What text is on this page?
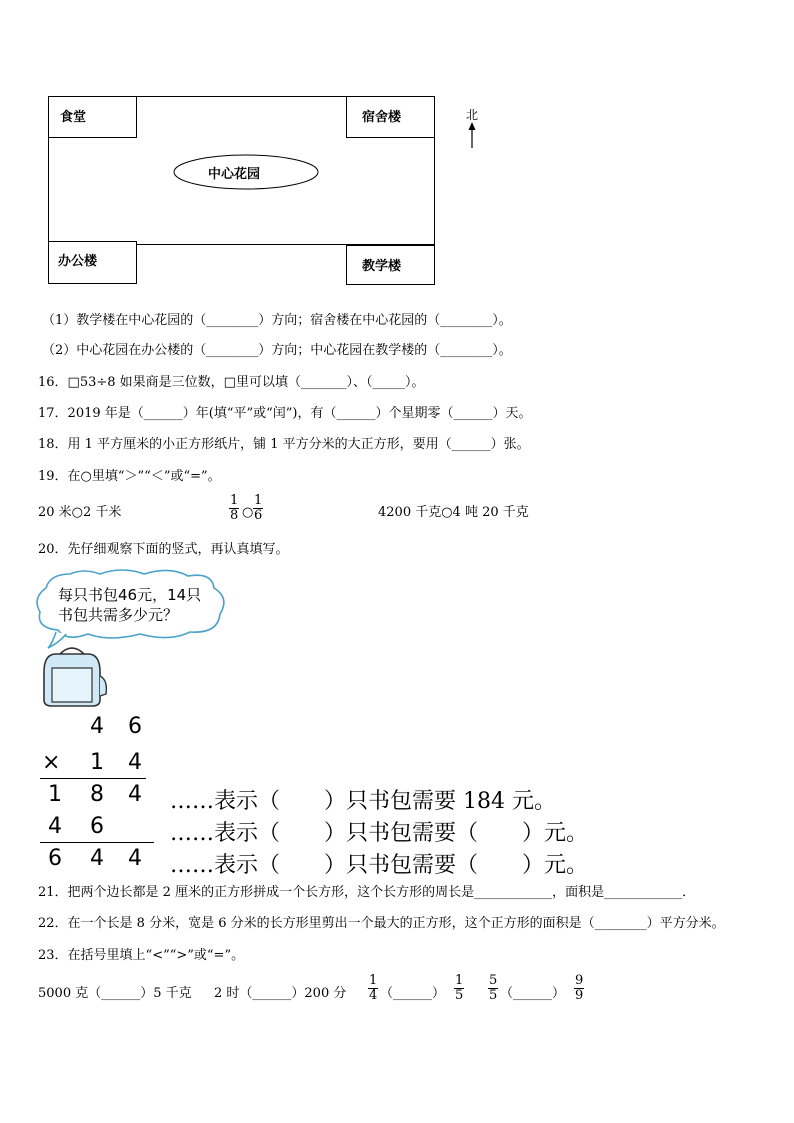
食堂	宿舍楼
中心花园
办公楼	教学楼
北
（1）教学楼在中心花园的（________）方向；宿舍楼在中心花园的（________）。
（2）中心花园在办公楼的（________）方向；中心花园在教学楼的（________）。
16．□53÷8 如果商是三位数，□里可以填（_______）、（_____）。
17．2019 年是（______）年(填“平”或“闰”)，有（______）个星期零（______）天。
18．用 1 平方厘米的小正方形纸片，铺 1 平方分米的大正方形，要用（______）张。
19．在○里填“＞”“＜”或“=”。
20 米○2 千米	$\frac{1}{8}$ ○ $\frac{1}{6}$	4200 千克○4 吨 20 千克
20．先仔细观察下面的竖式，再认真填写。
每只书包46元，14只
书包共需多少元？
4 6
× 1 4
1 8 4
4 6
6 4 4
……表示（　　）只书包需要 184 元。
……表示（　　）只书包需要（　　）元。
……表示（　　）只书包需要（　　）元。
21．把两个边长都是 2 厘米的正方形拼成一个长方形，这个长方形的周长是____________，面积是____________．
22．在一个长是 8 分米，宽是 6 分米的长方形里剪出一个最大的正方形，这个正方形的面积是（________）平方分米。
23．在括号里填上“<”“>”或“=”。
5000 克（______）5 千克 2 时（______）200 分 $\frac{1}{4}$ （______） $\frac{1}{5} \frac{5}{5}$ （______） $\frac{9}{9}$
